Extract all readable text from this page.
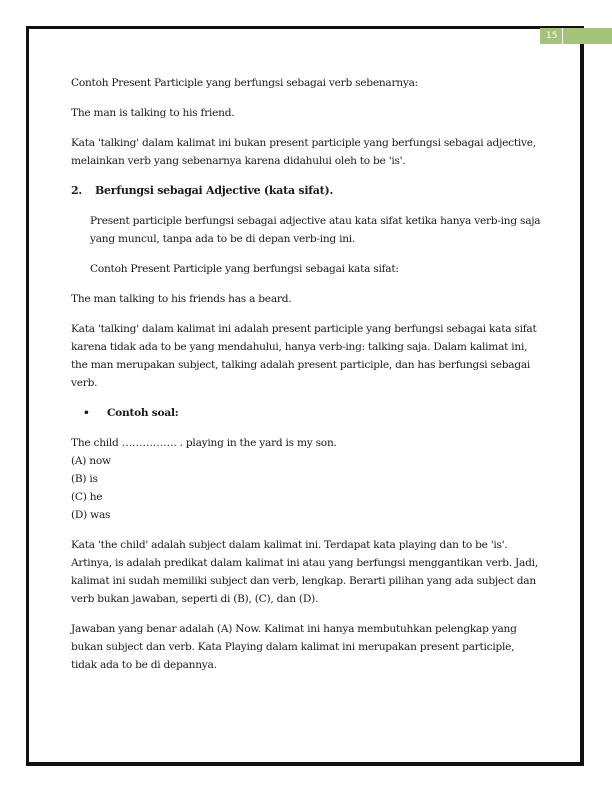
15

Contoh Present Participle yang berfungsi sebagai verb sebenarnya:

The man is talking to his friend.

Kata 'talking' dalam kalimat ini bukan present participle yang berfungsi sebagai adjective, melainkan verb yang sebenarnya karena didahului oleh to be 'is'.

2.	Berfungsi sebagai Adjective (kata sifat).

Present participle berfungsi sebagai adjective atau kata sifat ketika hanya verb-ing saja yang muncul, tanpa ada to be di depan verb-ing ini.

Contoh Present Participle yang berfungsi sebagai kata sifat:

The man talking to his friends has a beard.

Kata 'talking' dalam kalimat ini adalah present participle yang berfungsi sebagai kata sifat karena tidak ada to be yang mendahului, hanya verb-ing: talking saja. Dalam kalimat ini, the man merupakan subject, talking adalah present participle, dan has berfungsi sebagai verb.

•	Contoh soal:

The child ……………. . playing in the yard is my son.

(A) now

(B) is

(C) he

(D) was

Kata 'the child' adalah subject dalam kalimat ini. Terdapat kata playing dan to be 'is'. Artinya, is adalah predikat dalam kalimat ini atau yang berfungsi menggantikan verb. Jadi, kalimat ini sudah memiliki subject dan verb, lengkap. Berarti pilihan yang ada subject dan verb bukan jawaban, seperti di (B), (C), dan (D).

Jawaban yang benar adalah (A) Now. Kalimat ini hanya membutuhkan pelengkap yang bukan subject dan verb. Kata Playing dalam kalimat ini merupakan present participle, tidak ada to be di depannya.
